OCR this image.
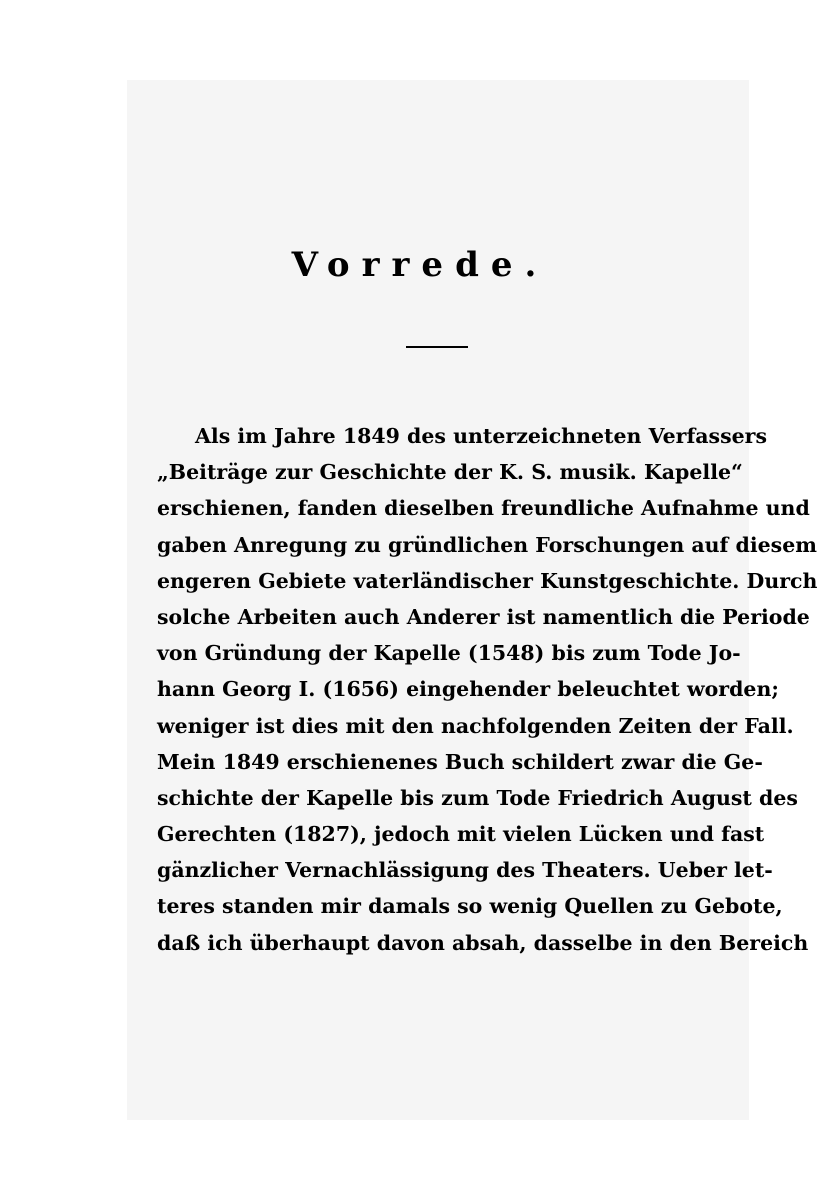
Vorrede.
Als im Jahre 1849 des unterzeichneten Verfassers
„Beiträge zur Geschichte der K. S. musik. Kapelle“
erschienen, fanden dieselben freundliche Aufnahme und
gaben Anregung zu gründlichen Forschungen auf diesem
engeren Gebiete vaterländischer Kunstgeschichte. Durch
solche Arbeiten auch Anderer ist namentlich die Periode
von Gründung der Kapelle (1548) bis zum Tode Jo-
hann Georg I. (1656) eingehender beleuchtet worden;
weniger ist dies mit den nachfolgenden Zeiten der Fall.
Mein 1849 erschienenes Buch schildert zwar die Ge-
schichte der Kapelle bis zum Tode Friedrich August des
Gerechten (1827), jedoch mit vielen Lücken und fast
gänzlicher Vernachlässigung des Theaters. Ueber let-
teres standen mir damals so wenig Quellen zu Gebote,
daß ich überhaupt davon absah, dasselbe in den Bereich
